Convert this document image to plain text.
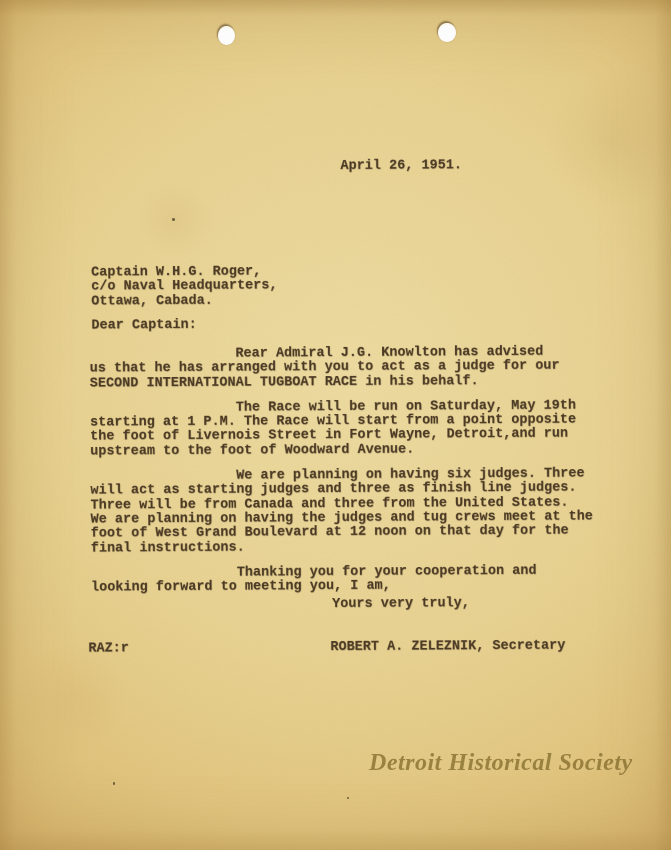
April 26, 1951.
Captain W.H.G. Roger,
c/o Naval Headquarters,
Ottawa, Cabada.
Dear Captain:
Rear Admiral J.G. Knowlton has advised
us that he has arranged with you to act as a judge for our
SECOND INTERNATIONAL TUGBOAT RACE in his behalf.
The Race will be run on Saturday, May 19th
starting at 1 P.M. The Race will start from a point opposite
the foot of Livernois Street in Fort Wayne, Detroit,and run
upstream to the foot of Woodward Avenue.
We are planning on having six judges. Three
will act as starting judges and three as finish line judges.
Three will be from Canada and three from the United States.
We are planning on having the judges and tug crews meet at the
foot of West Grand Boulevard at 12 noon on that day for the
final instructions.
Thanking you for your cooperation and
looking forward to meeting you, I am,
Yours very truly,
RAZ:r	ROBERT A. ZELEZNIK, Secretary
Detroit Historical Society
